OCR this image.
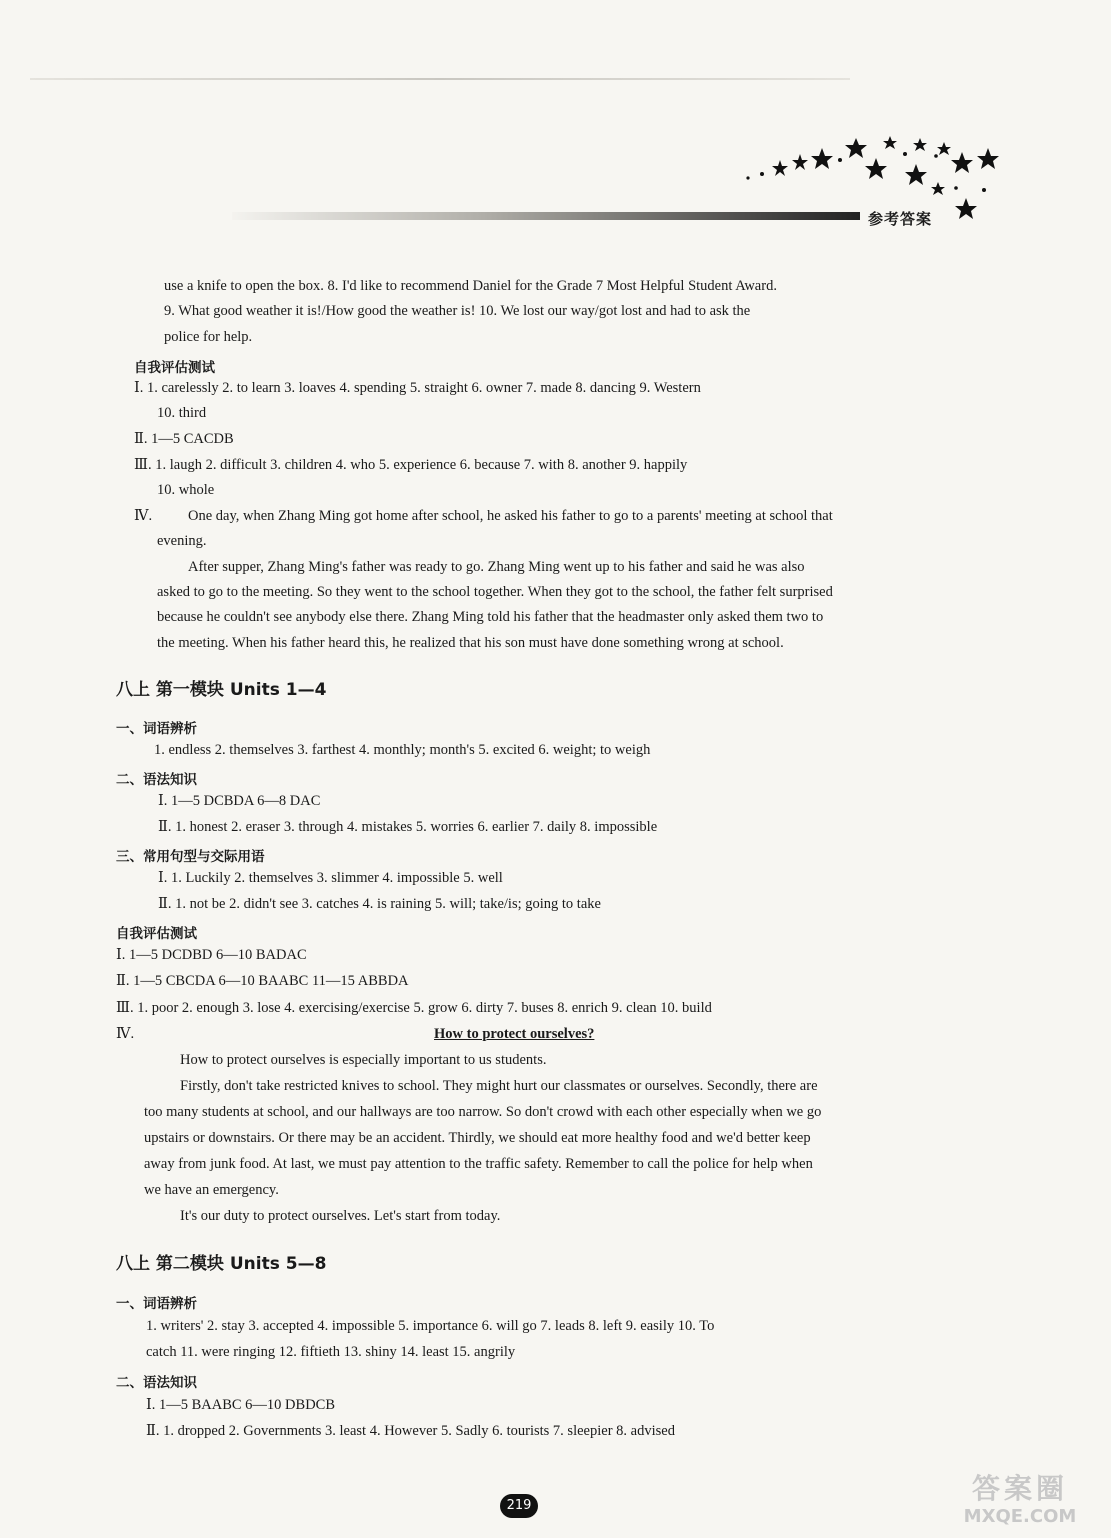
参考答案
use a knife to open the box. 8. I'd like to recommend Daniel for the Grade 7 Most Helpful Student Award.
9. What good weather it is!/How good the weather is! 10. We lost our way/got lost and had to ask the
police for help.
自我评估测试
Ⅰ. 1. carelessly 2. to learn 3. loaves 4. spending 5. straight 6. owner 7. made 8. dancing 9. Western
10. third
Ⅱ. 1—5 CACDB
Ⅲ. 1. laugh 2. difficult 3. children 4. who 5. experience 6. because 7. with 8. another 9. happily
10. whole
Ⅳ. One day, when Zhang Ming got home after school, he asked his father to go to a parents' meeting at school that
evening.
After supper, Zhang Ming's father was ready to go. Zhang Ming went up to his father and said he was also
asked to go to the meeting. So they went to the school together. When they got to the school, the father felt surprised
because he couldn't see anybody else there. Zhang Ming told his father that the headmaster only asked them two to
the meeting. When his father heard this, he realized that his son must have done something wrong at school.
八上 第一模块 Units 1—4
一、词语辨析
1. endless 2. themselves 3. farthest 4. monthly; month's 5. excited 6. weight; to weigh
二、语法知识
Ⅰ. 1—5 DCBDA 6—8 DAC
Ⅱ. 1. honest 2. eraser 3. through 4. mistakes 5. worries 6. earlier 7. daily 8. impossible
三、常用句型与交际用语
Ⅰ. 1. Luckily 2. themselves 3. slimmer 4. impossible 5. well
Ⅱ. 1. not be 2. didn't see 3. catches 4. is raining 5. will; take/is; going to take
自我评估测试
Ⅰ. 1—5 DCDBD 6—10 BADAC
Ⅱ. 1—5 CBCDA 6—10 BAABC 11—15 ABBDA
Ⅲ. 1. poor 2. enough 3. lose 4. exercising/exercise 5. grow 6. dirty 7. buses 8. enrich 9. clean 10. build
Ⅳ.	How to protect ourselves?
How to protect ourselves is especially important to us students.
Firstly, don't take restricted knives to school. They might hurt our classmates or ourselves. Secondly, there are
too many students at school, and our hallways are too narrow. So don't crowd with each other especially when we go
upstairs or downstairs. Or there may be an accident. Thirdly, we should eat more healthy food and we'd better keep
away from junk food. At last, we must pay attention to the traffic safety. Remember to call the police for help when
we have an emergency.
It's our duty to protect ourselves. Let's start from today.
八上 第二模块 Units 5—8
一、词语辨析
1. writers' 2. stay 3. accepted 4. impossible 5. importance 6. will go 7. leads 8. left 9. easily 10. To
catch 11. were ringing 12. fiftieth 13. shiny 14. least 15. angrily
二、语法知识
Ⅰ. 1—5 BAABC 6—10 DBDCB
Ⅱ. 1. dropped 2. Governments 3. least 4. However 5. Sadly 6. tourists 7. sleepier 8. advised
219
答案圈
MXQE.COM
